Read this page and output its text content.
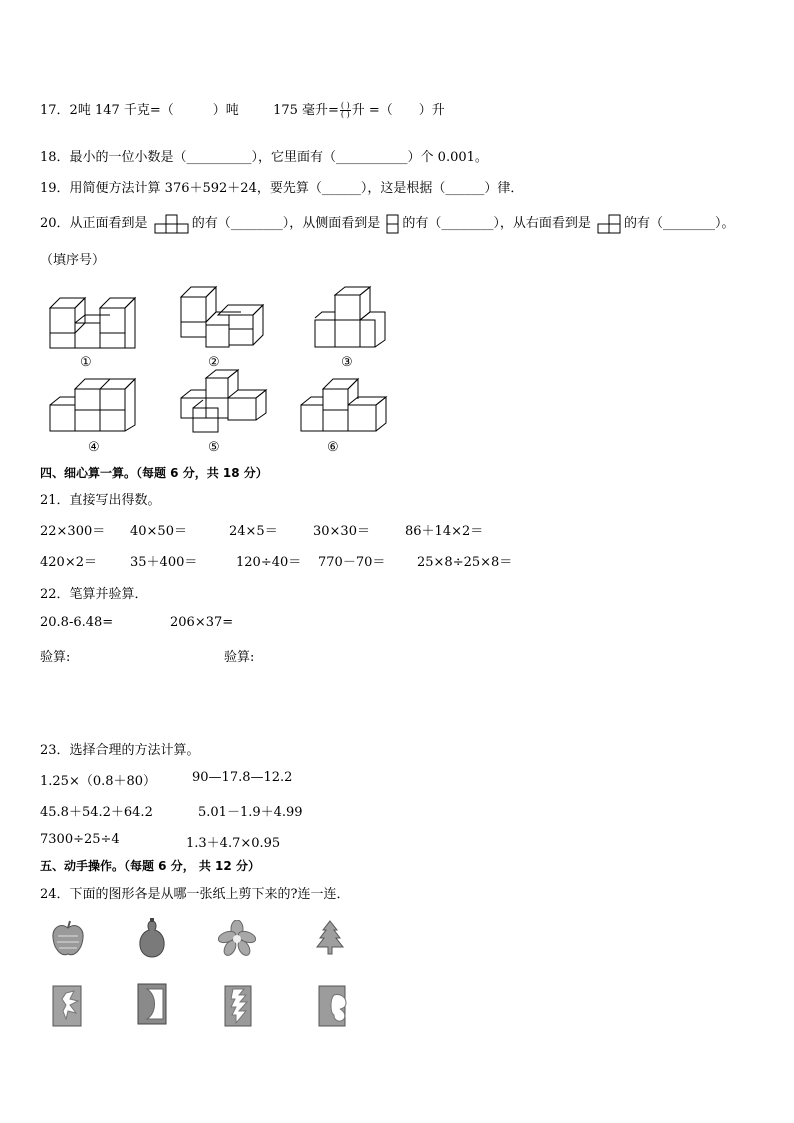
17．2吨 147 千克=（　　　）吨	175 毫升= $\frac{( )}{( )}$ 升 =（　　）升
18．最小的一位小数是（__________），它里面有（___________）个 0.001。
19．用简便方法计算 376＋592＋24，要先算（______），这是根据（______）律．
20．从正面看到是	的有（________），从侧面看到是 的有（________），从右面看到是	的有（________）。
（填序号）
①	②	③
④	⑤	⑥
四、细心算一算。（每题 6 分，共 18 分）
21．直接写出得数。
22×300＝ 40×50＝	24×5＝	30×30＝	86＋14×2＝
420×2＝	35＋400＝	120÷40＝ 770－70＝ 25×8÷25×8＝
22．笔算并验算．
20.8-6.48=	206×37=
验算:	验算:
23．选择合理的方法计算。
1.25×（0.8＋80）	90—17.8—12.2
45.8＋54.2＋64.2	5.01－1.9＋4.99
7300÷25÷4	1.3＋4.7×0.95
五、动手操作。（每题 6 分， 共 12 分）
24．下面的图形各是从哪一张纸上剪下来的?连一连．
